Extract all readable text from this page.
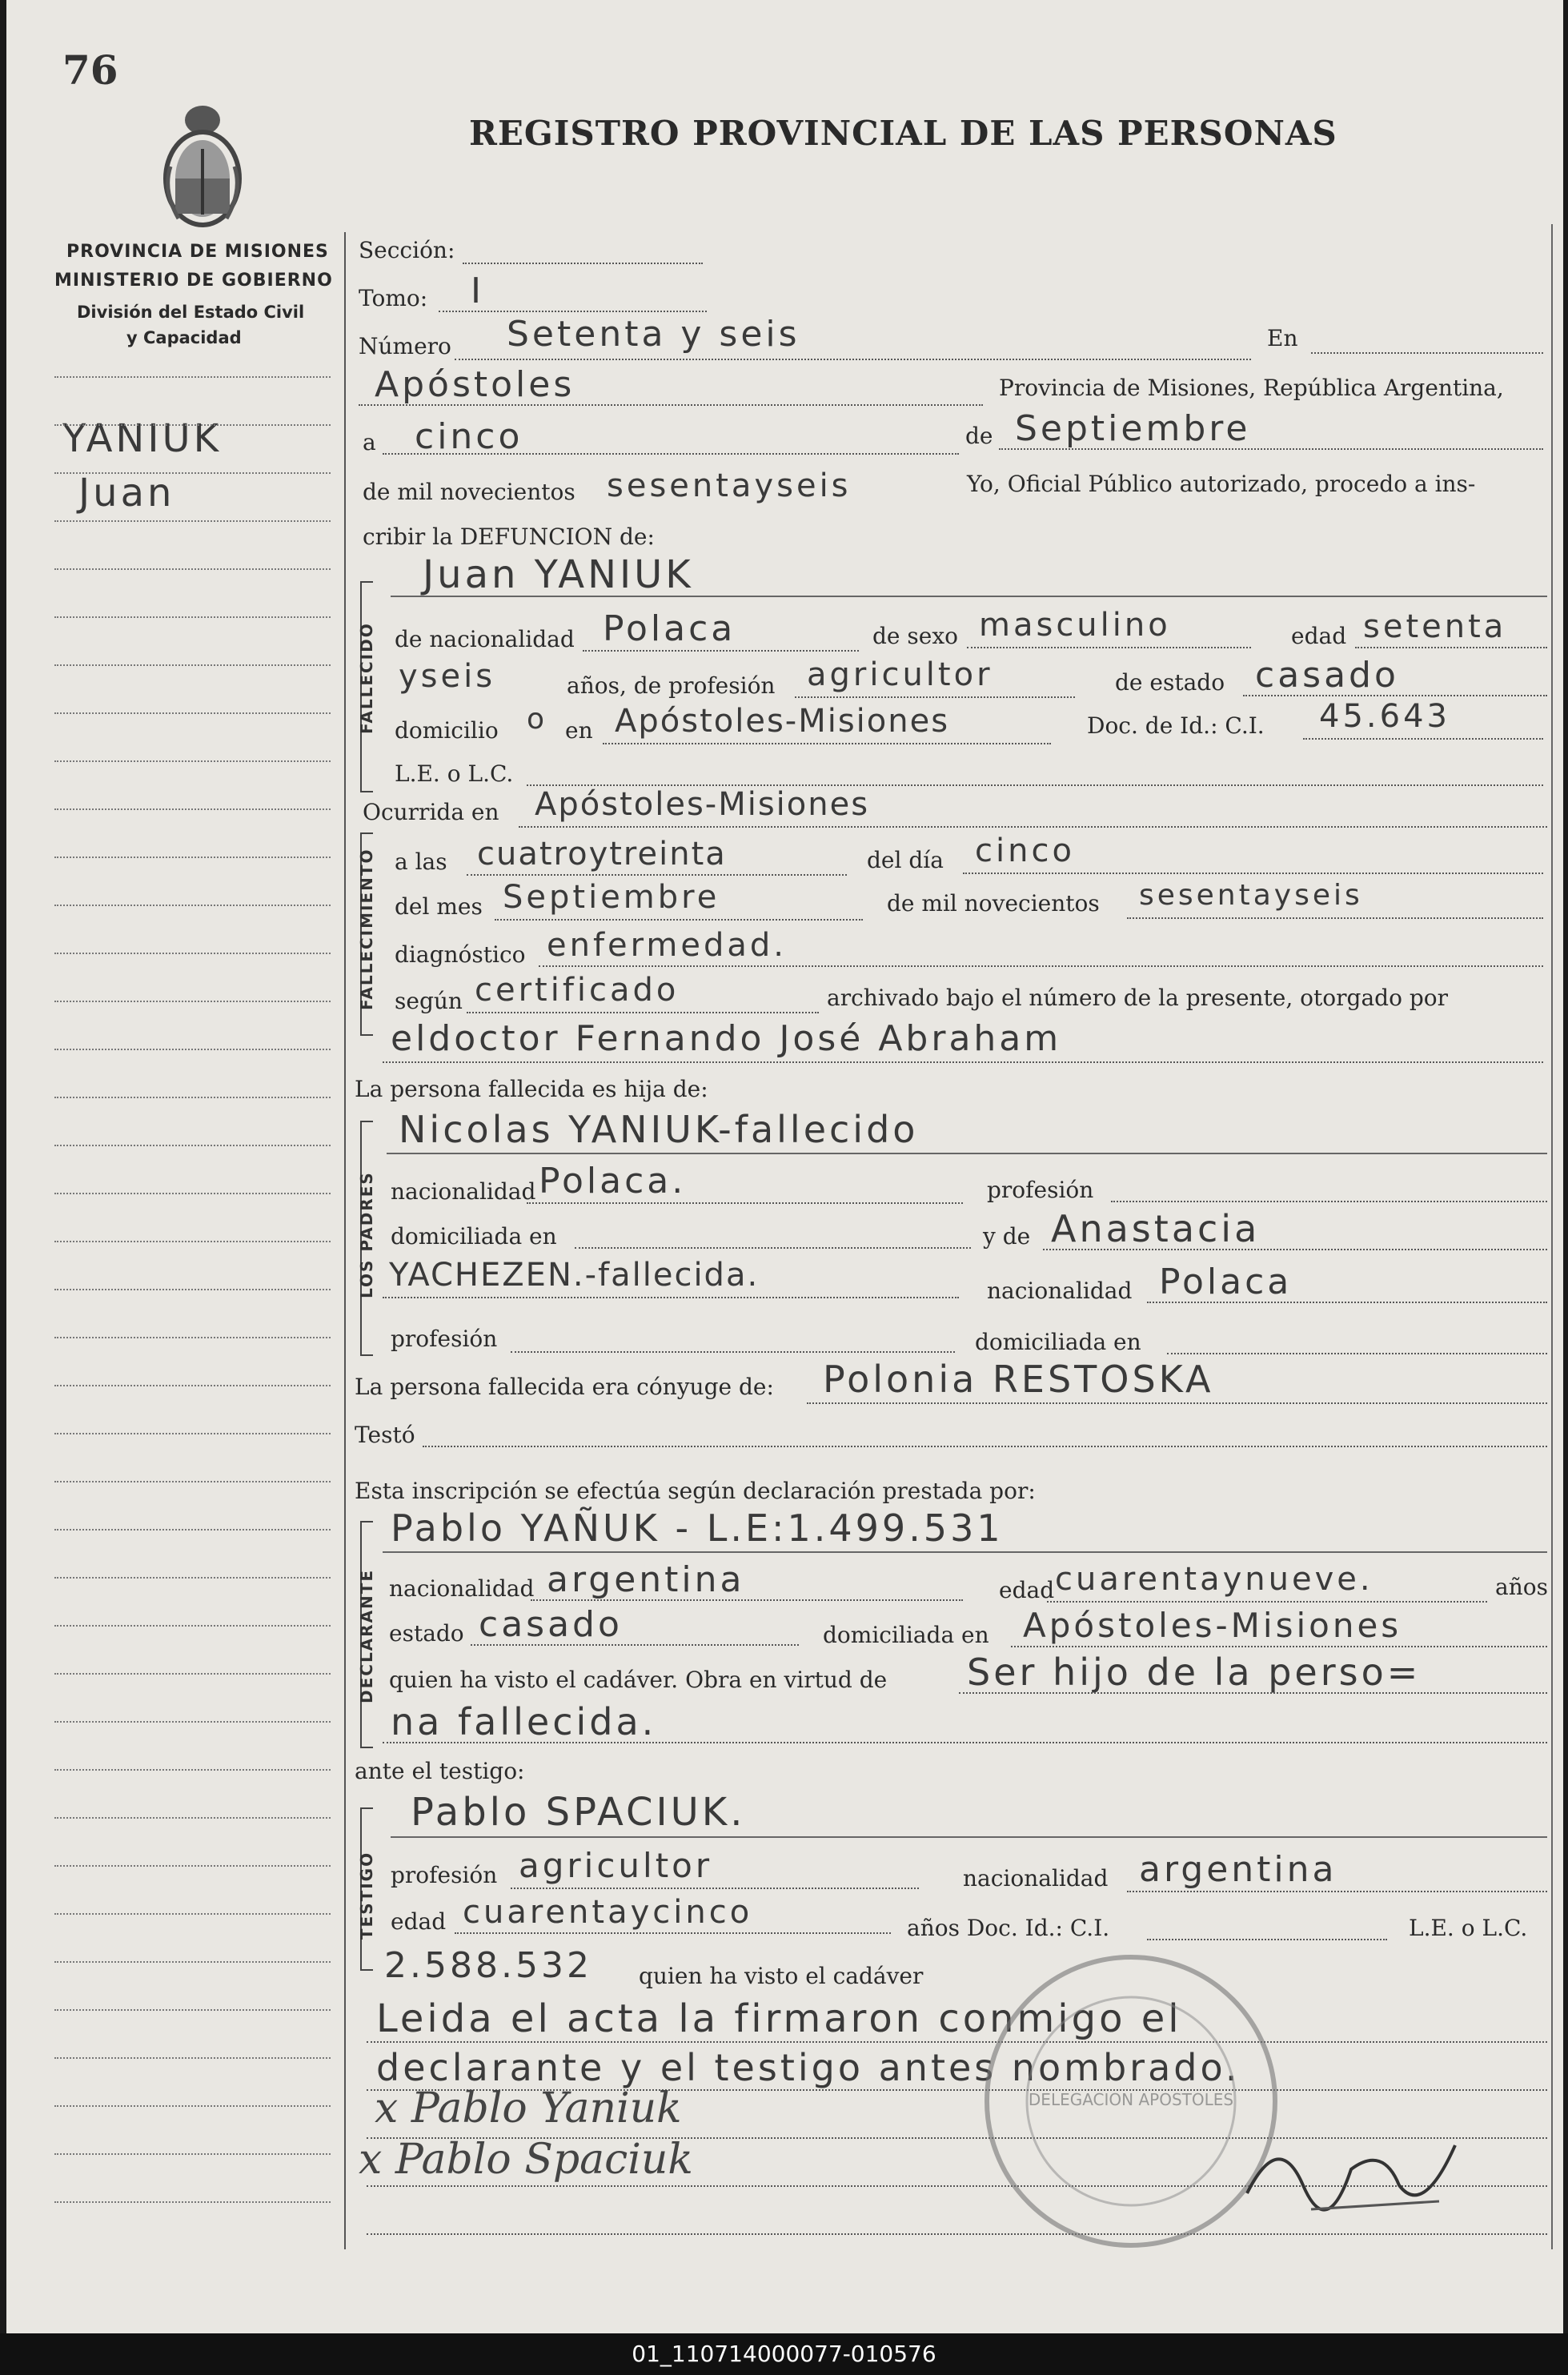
76
REGISTRO PROVINCIAL DE LAS PERSONAS
PROVINCIA DE MISIONES
MINISTERIO DE GOBIERNO
División del Estado Civil
y Capacidad
YANIUK
Juan
Sección:
Tomo: I
Número Setenta y seis	En
Apóstoles	Provincia de Misiones, República Argentina,
a cinco	de Septiembre
de mil novecientos sesentayseis	Yo, Oficial Público autorizado, procedo a ins-
cribir la DEFUNCION de:
FALLECIDO
Juan YANIUK
de nacionalidad Polaca	de sexo masculino	edad setenta
yseis	años, de profesión agricultor	de estado casado
domicilio o en Apóstoles-Misiones	Doc. de Id.: C.I. 45.643
L.E. o L.C.
Ocurrida en Apóstoles-Misiones
FALLECIMIENTO a las cuatroytreinta	del día cinco
del mes Septiembre	de mil novecientos sesentayseis
diagnóstico enfermedad.
según certificado	archivado bajo el número de la presente, otorgado por
eldoctor Fernando José Abraham
La persona fallecida es hija de:
LOS PADRES
Nicolas YANIUK-fallecido
nacionalidad Polaca.	profesión
domiciliada en	y de Anastacia
YACHEZEN.-fallecida.	nacionalidad Polaca
profesión	domiciliada en
La persona fallecida era cónyuge de: Polonia RESTOSKA
Testó
Esta inscripción se efectúa según declaración prestada por:
DECLARANTE
Pablo YAÑUK - L.E:1.499.531
nacionalidad argentina	edad cuarentaynueve.	años
estado casado	domiciliada en Apóstoles-Misiones
quien ha visto el cadáver. Obra en virtud de Ser hijo de la perso=
na fallecida.
ante el testigo:
TESTIGO
Pablo SPACIUK.
profesión agricultor	nacionalidad argentina
edad cuarentaycinco	años Doc. Id.: C.I.	L.E. o L.C.
2.588.532 quien ha visto el cadáver
Leida el acta la firmaron conmigo el
declarante y el testigo antes nombrado.
x Pablo Yaniuk
x Pablo Spaciuk
DELEGACION APOSTOLES
01_110714000077-010576
